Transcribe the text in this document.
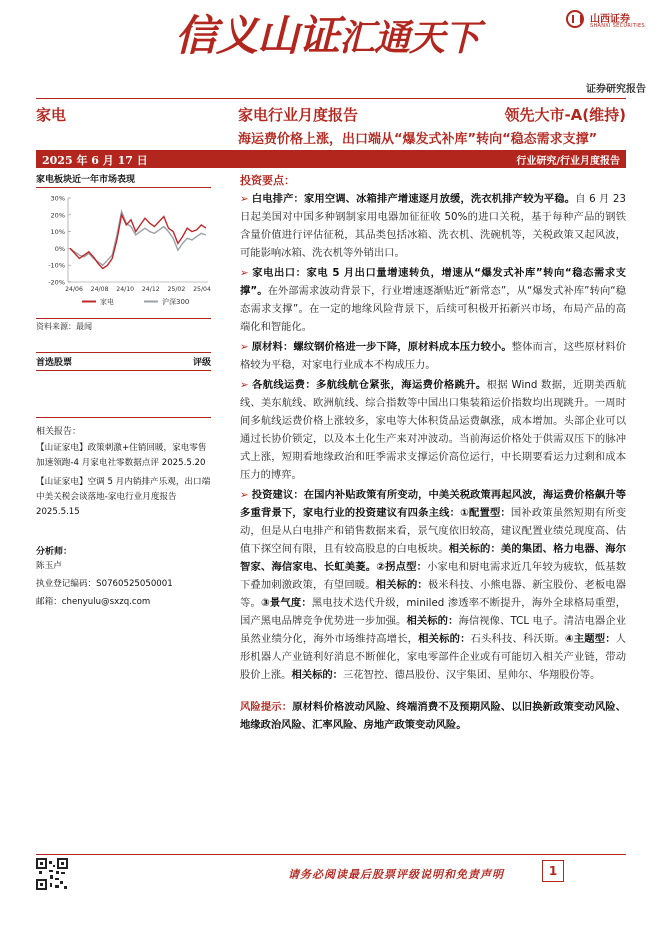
信义山证汇通天下	山西证券
SHANXI SECURITIES
证券研究报告
家电	家电行业月度报告	领先大市-A(维持)
海运费价格上涨，出口端从“爆发式补库”转向“稳态需求支撑”
2025 年 6 月 17 日	行业研究/行业月度报告
家电板块近一年市场表现
30%
20%
10%
0%
-10%
-20%
24/06 24/08 24/10 24/12 25/02 25/04
家电	沪深300
资料来源：最闻
首选股票	评级
相关报告：
【山证家电】政策刺激+住销回暖，家电零售加速领跑-4 月家电社零数据点评 2025.5.20
【山证家电】空调 5 月内销排产乐观，出口端中美关税会谈落地-家电行业月度报告 2025.5.15
分析师：
陈玉卢
执业登记编码：S0760525050001
邮箱：chenyulu@sxzq.com
投资要点：
➢ 白电排产：家用空调、冰箱排产增速逐月放缓，洗衣机排产较为平稳。自 6 月 23 日起美国对中国多种钢制家用电器加征征收 50%的进口关税，基于每种产品的钢铁含量价值进行评估征税，其品类包括冰箱、洗衣机、洗碗机等，关税政策又起风波，可能影响冰箱、洗衣机等外销出口。
➢ 家电出口：家电 5 月出口量增速转负，增速从“爆发式补库”转向“稳态需求支撑”。在外部需求波动背景下，行业增速逐渐贴近“新常态”，从“爆发式补库”转向“稳态需求支撑”。在一定的地缘风险背景下，后续可积极开拓新兴市场，布局产品的高端化和智能化。
➢ 原材料：螺纹钢价格进一步下降，原材料成本压力较小。整体而言，这些原材料价格较为平稳，对家电行业成本不构成压力。
➢ 各航线运费：多航线航仓紧张，海运费价格跳升。根据 Wind 数据，近期美西航线、美东航线、欧洲航线、综合指数等中国出口集装箱运价指数均出现跳升。一周时间多航线运费价格上涨较多，家电等大体积货品运费飙涨，成本增加。头部企业可以通过长协价锁定，以及本土化生产来对冲波动。当前海运价格处于供需双压下的脉冲式上涨，短期看地缘政治和旺季需求支撑运价高位运行，中长期要看运力过剩和成本压力的博弈。
➢ 投资建议：在国内补贴政策有所变动，中美关税政策再起风波，海运费价格飙升等多重背景下，家电行业的投资建议有四条主线：①配置型：国补政策虽然短期有所变动，但是从白电排产和销售数据来看，景气度依旧较高，建议配置业绩兑现度高、估值下探空间有限，且有较高股息的白电板块。相关标的：美的集团、格力电器、海尔智家、海信家电、长虹美菱。②拐点型：小家电和厨电需求近几年较为疲软，低基数下叠加刺激政策，有望回暖。相关标的：极米科技、小熊电器、新宝股份、老板电器等。③景气度：黑电技术迭代升级，miniled 渗透率不断提升，海外全球格局重塑，国产黑电品牌竞争优势进一步加强。相关标的：海信视像、TCL 电子。清洁电器企业虽然业绩分化，海外市场维持高增长，相关标的：石头科技、科沃斯。④主题型：人形机器人产业链利好消息不断催化，家电零部件企业或有可能切入相关产业链，带动股价上涨。相关标的：三花智控、德昌股份、汉宇集团、星帅尔、华翔股份等。
风险提示：原材料价格波动风险、终端消费不及预期风险、以旧换新政策变动风险、地缘政治风险、汇率风险、房地产政策变动风险。
请务必阅读最后股票评级说明和免责声明	1
